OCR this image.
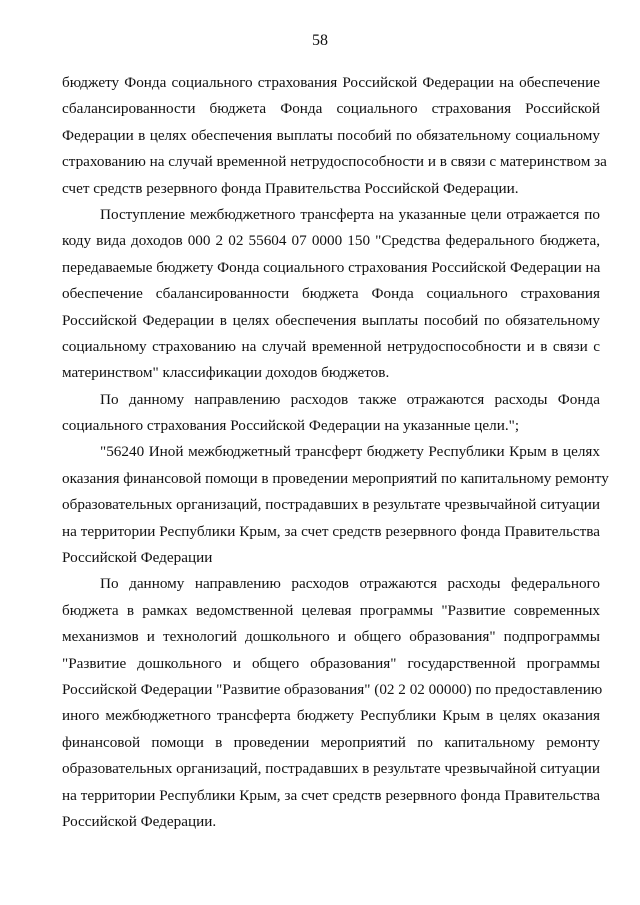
58
бюджету Фонда социального страхования Российской Федерации на обеспечение
сбалансированности бюджета Фонда социального страхования Российской
Федерации в целях обеспечения выплаты пособий по обязательному социальному
страхованию на случай временной нетрудоспособности и в связи с материнством за
счет средств резервного фонда Правительства Российской Федерации.
Поступление межбюджетного трансферта на указанные цели отражается по
коду вида доходов 000 2 02 55604 07 0000 150 "Средства федерального бюджета,
передаваемые бюджету Фонда социального страхования Российской Федерации на
обеспечение сбалансированности бюджета Фонда социального страхования
Российской Федерации в целях обеспечения выплаты пособий по обязательному
социальному страхованию на случай временной нетрудоспособности и в связи с
материнством" классификации доходов бюджетов.
По данному направлению расходов также отражаются расходы Фонда
социального страхования Российской Федерации на указанные цели.";
"56240 Иной межбюджетный трансферт бюджету Республики Крым в целях
оказания финансовой помощи в проведении мероприятий по капитальному ремонту
образовательных организаций, пострадавших в результате чрезвычайной ситуации
на территории Республики Крым, за счет средств резервного фонда Правительства
Российской Федерации
По данному направлению расходов отражаются расходы федерального
бюджета в рамках ведомственной целевая программы "Развитие современных
механизмов и технологий дошкольного и общего образования" подпрограммы
"Развитие дошкольного и общего образования" государственной программы
Российской Федерации "Развитие образования" (02 2 02 00000) по предоставлению
иного межбюджетного трансферта бюджету Республики Крым в целях оказания
финансовой помощи в проведении мероприятий по капитальному ремонту
образовательных организаций, пострадавших в результате чрезвычайной ситуации
на территории Республики Крым, за счет средств резервного фонда Правительства
Российской Федерации.
